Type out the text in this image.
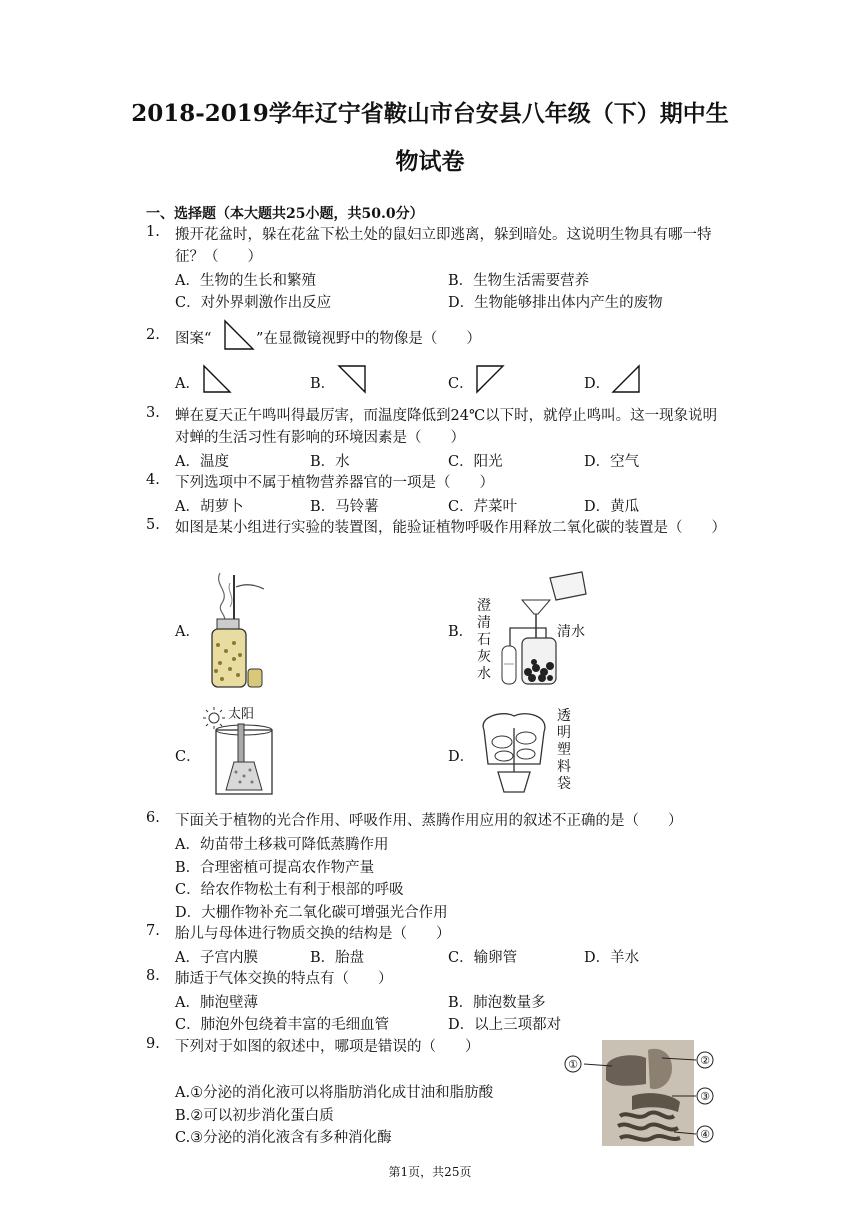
2018-2019学年辽宁省鞍山市台安县八年级（下）期中生
物试卷
一、选择题（本大题共25小题，共50.0分）
1. 搬开花盆时，躲在花盆下松土处的鼠妇立即逃离，躲到暗处。这说明生物具有哪一特征？（　　）
A．生物的生长和繁殖	B．生物生活需要营养
C．对外界刺激作出反应	D．生物能够排出体内产生的废物
2. 图案“	”在显微镜视野中的物像是（　　）
A．	B．	C．	D．
3. 蝉在夏天正午鸣叫得最厉害，而温度降低到24℃以下时，就停止鸣叫。这一现象说明对蝉的生活习性有影响的环境因素是（　　）
A．温度	B．水	C．阳光	D．空气
4. 下列选项中不属于植物营养器官的一项是（　　）
A．胡萝卜	B．马铃薯	C．芹菜叶	D．黄瓜
5. 如图是某小组进行实验的装置图，能验证植物呼吸作用释放二氧化碳的装置是（　　）
A．	B．
澄
清
石
灰
水
清水
C．
太阳
D．
透
明
塑
料
袋
6. 下面关于植物的光合作用、呼吸作用、蒸腾作用应用的叙述不正确的是（　　）
A．幼苗带土移栽可降低蒸腾作用
B．合理密植可提高农作物产量
C．给农作物松土有利于根部的呼吸
D．大棚作物补充二氧化碳可增强光合作用
7. 胎儿与母体进行物质交换的结构是（　　）
A．子宫内膜	B．胎盘	C．输卵管	D．羊水
8. 肺适于气体交换的特点有（　　）
A．肺泡壁薄	B．肺泡数量多
C．肺泡外包绕着丰富的毛细血管	D．以上三项都对
9. 下列对于如图的叙述中，哪项是错误的（　　）
A.①分泌的消化液可以将脂肪消化成甘油和脂肪酸
B.②可以初步消化蛋白质
C.③分泌的消化液含有多种消化酶
①	②
③
④
第1页，共25页
